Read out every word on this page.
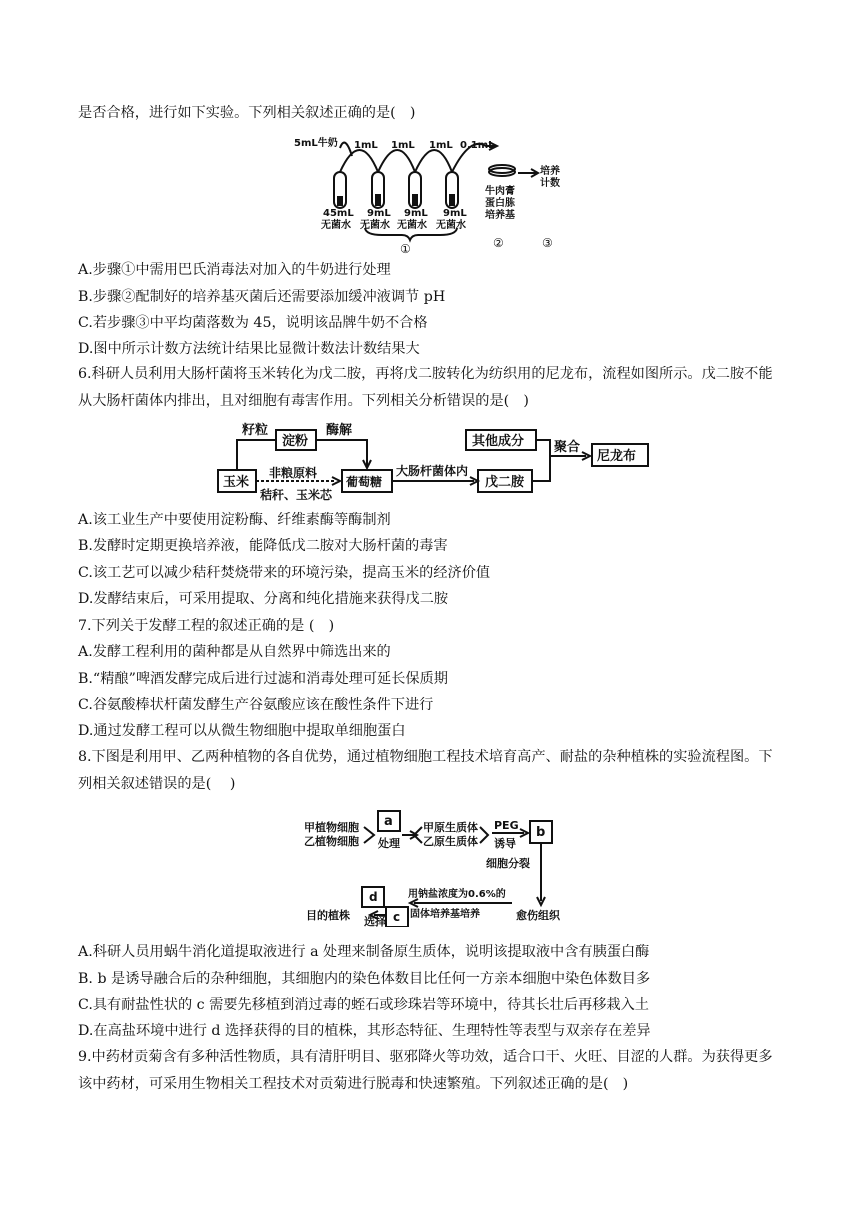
是否合格，进行如下实验。下列相关叙述正确的是(　)
5mL牛奶 1mL 1mL 1mL 0.1mL
45mL
无菌水
9mL
无菌水
9mL
无菌水
9mL
无菌水
牛肉膏
蛋白胨
培养基
培养
计数
①	②	③
A.步骤①中需用巴氏消毒法对加入的牛奶进行处理
B.步骤②配制好的培养基灭菌后还需要添加缓冲液调节 pH
C.若步骤③中平均菌落数为 45，说明该品牌牛奶不合格
D.图中所示计数方法统计结果比显微计数法计数结果大
6.科研人员利用大肠杆菌将玉米转化为戊二胺，再将戊二胺转化为纺织用的尼龙布，流程如图所示。戊二胺不能从大肠杆菌体内排出，且对细胞有毒害作用。下列相关分析错误的是(　)
籽粒
淀粉
酶解
玉米
非粮原料
秸秆、玉米芯
葡萄糖
大肠杆菌体内
其他成分
戊二胺
聚合
尼龙布
A.该工业生产中要使用淀粉酶、纤维素酶等酶制剂
B.发酵时定期更换培养液，能降低戊二胺对大肠杆菌的毒害
C.该工艺可以减少秸秆焚烧带来的环境污染，提高玉米的经济价值
D.发酵结束后，可采用提取、分离和纯化措施来获得戊二胺
7.下列关于发酵工程的叙述正确的是 (　)
A.发酵工程利用的菌种都是从自然界中筛选出来的
B.“精酿”啤酒发酵完成后进行过滤和消毒处理可延长保质期
C.谷氨酸棒状杆菌发酵生产谷氨酸应该在酸性条件下进行
D.通过发酵工程可以从微生物细胞中提取单细胞蛋白
8.下图是利用甲、乙两种植物的各自优势，通过植物细胞工程技术培育高产、耐盐的杂种植株的实验流程图。下列相关叙述错误的是(　 )
甲植物细胞
乙植物细胞
a
处理
甲原生质体
乙原生质体
PEG
诱导
b
细胞分裂
愈伤组织
用钠盐浓度为0.6%的
固体培养基培养
c
选择
d
目的植株
A.科研人员用蜗牛消化道提取液进行 a 处理来制备原生质体，说明该提取液中含有胰蛋白酶
B. b 是诱导融合后的杂种细胞，其细胞内的染色体数目比任何一方亲本细胞中染色体数目多
C.具有耐盐性状的 c 需要先移植到消过毒的蛭石或珍珠岩等环境中，待其长壮后再移栽入土
D.在高盐环境中进行 d 选择获得的目的植株，其形态特征、生理特性等表型与双亲存在差异
9.中药材贡菊含有多种活性物质，具有清肝明目、驱邪降火等功效，适合口干、火旺、目涩的人群。为获得更多该中药材，可采用生物相关工程技术对贡菊进行脱毒和快速繁殖。下列叙述正确的是(　)
